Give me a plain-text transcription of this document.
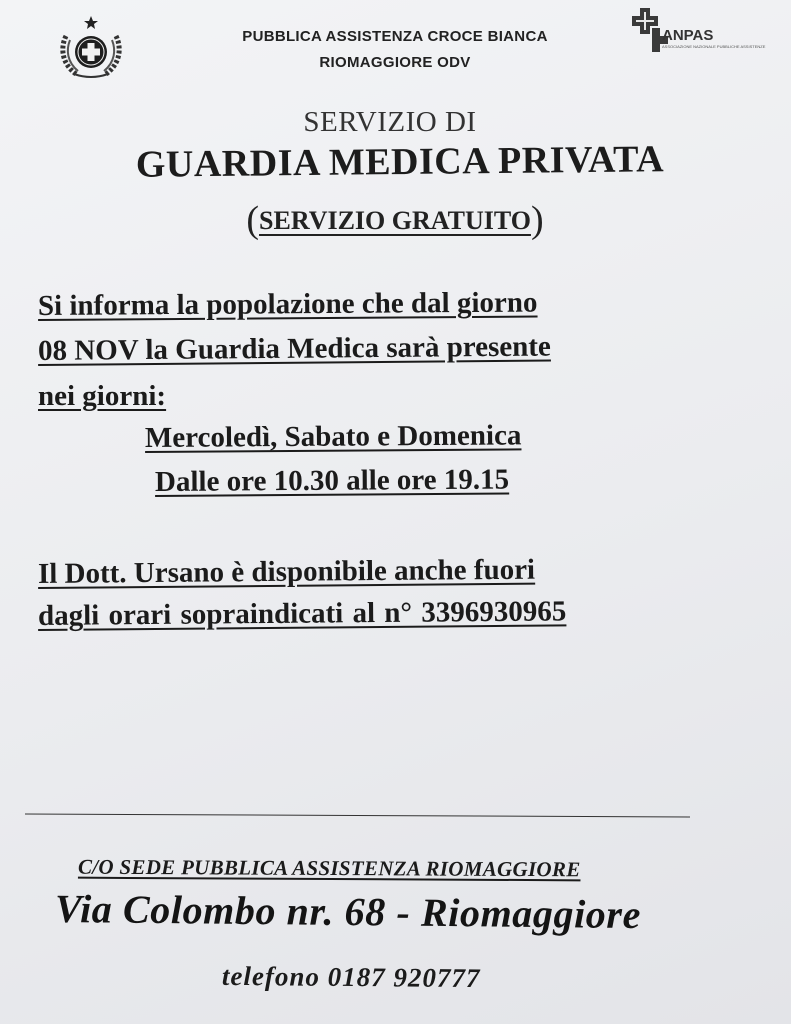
PUBBLICA ASSISTENZA CROCE BIANCA
RIOMAGGIORE ODV
ANPAS
ASSOCIAZIONE NAZIONALE PUBBLICHE ASSISTENZE
SERVIZIO DI
GUARDIA MEDICA PRIVATA
(SERVIZIO GRATUITO)
Si informa la popolazione che dal giorno
08 NOV la Guardia Medica sarà presente
nei giorni:
Mercoledì, Sabato e Domenica
Dalle ore 10.30 alle ore 19.15
Il Dott. Ursano è disponibile anche fuori
dagli orari sopraindicati al n° 3396930965
C/O SEDE PUBBLICA ASSISTENZA RIOMAGGIORE
Via Colombo nr. 68 - Riomaggiore
telefono 0187 920777
